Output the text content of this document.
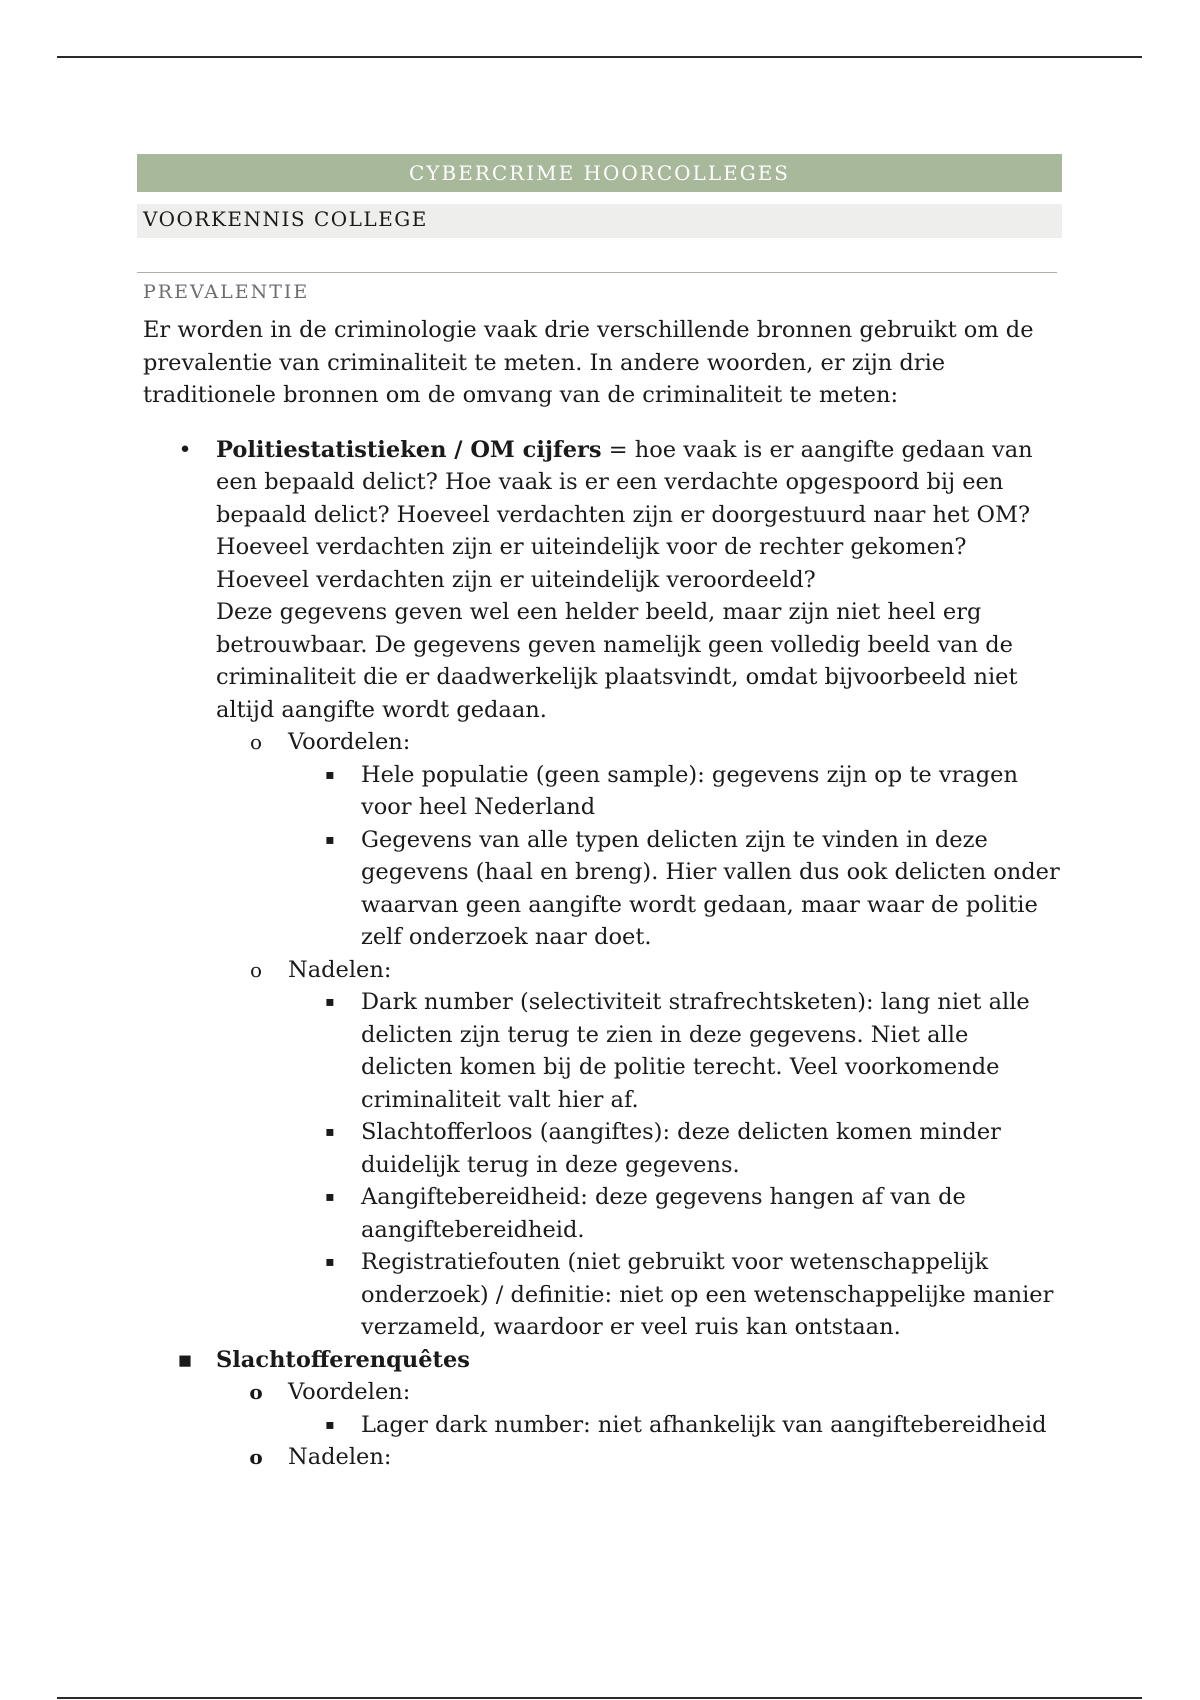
CYBERCRIME HOORCOLLEGES
VOORKENNIS COLLEGE
PREVALENTIE

Er worden in de criminologie vaak drie verschillende bronnen gebruikt om de prevalentie van criminaliteit te meten. In andere woorden, er zijn drie traditionele bronnen om de omvang van de criminaliteit te meten:

• Politiestatistieken / OM cijfers = hoe vaak is er aangifte gedaan van een bepaald delict? Hoe vaak is er een verdachte opgespoord bij een bepaald delict? Hoeveel verdachten zijn er doorgestuurd naar het OM? Hoeveel verdachten zijn er uiteindelijk voor de rechter gekomen? Hoeveel verdachten zijn er uiteindelijk veroordeeld?
Deze gegevens geven wel een helder beeld, maar zijn niet heel erg betrouwbaar. De gegevens geven namelijk geen volledig beeld van de criminaliteit die er daadwerkelijk plaatsvindt, omdat bijvoorbeeld niet altijd aangifte wordt gedaan.
o Voordelen:
▪ Hele populatie (geen sample): gegevens zijn op te vragen voor heel Nederland
▪ Gegevens van alle typen delicten zijn te vinden in deze gegevens (haal en breng). Hier vallen dus ook delicten onder waarvan geen aangifte wordt gedaan, maar waar de politie zelf onderzoek naar doet.
o Nadelen:
▪ Dark number (selectiviteit strafrechtsketen): lang niet alle delicten zijn terug te zien in deze gegevens. Niet alle delicten komen bij de politie terecht. Veel voorkomende criminaliteit valt hier af.
▪ Slachtofferloos (aangiftes): deze delicten komen minder duidelijk terug in deze gegevens.
▪ Aangiftebereidheid: deze gegevens hangen af van de aangiftebereidheid.
▪ Registratiefouten (niet gebruikt voor wetenschappelijk onderzoek) / definitie: niet op een wetenschappelijke manier verzameld, waardoor er veel ruis kan ontstaan.
▪ Slachtofferenquêtes
o Voordelen:
▪ Lager dark number: niet afhankelijk van aangiftebereidheid
o Nadelen:
